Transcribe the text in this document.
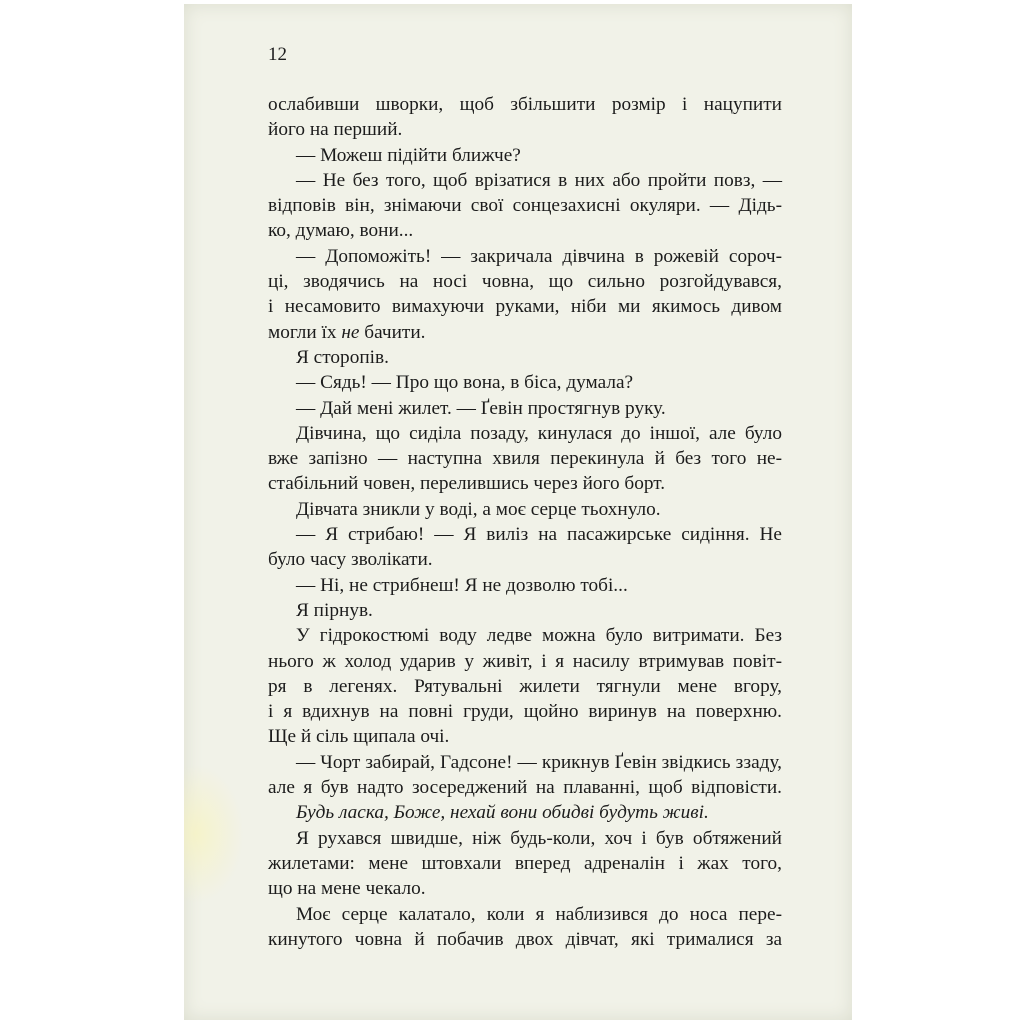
12
ослабивши шворки, щоб збільшити розмір і нацупити
його на перший.
— Можеш підійти ближче?
— Не без того, щоб врізатися в них або пройти повз, —
відповів він, знімаючи свої сонцезахисні окуляри. — Дідь-
ко, думаю, вони...
— Допоможіть! — закричала дівчина в рожевій сороч-
ці, зводячись на носі човна, що сильно розгойдувався,
і несамовито вимахуючи руками, ніби ми якимось дивом
могли їх не бачити.
Я сторопів.
— Сядь! — Про що вона, в біса, думала?
— Дай мені жилет. — Ґевін простягнув руку.
Дівчина, що сиділа позаду, кинулася до іншої, але було
вже запізно — наступна хвиля перекинула й без того не-
стабільний човен, перелившись через його борт.
Дівчата зникли у воді, а моє серце тьохнуло.
— Я стрибаю! — Я виліз на пасажирське сидіння. Не
було часу зволікати.
— Ні, не стрибнеш! Я не дозволю тобі...
Я пірнув.
У гідрокостюмі воду ледве можна було витримати. Без
нього ж холод ударив у живіт, і я насилу втримував повіт-
ря в легенях. Рятувальні жилети тягнули мене вгору,
і я вдихнув на повні груди, щойно виринув на поверхню.
Ще й сіль щипала очі.
— Чорт забирай, Гадсоне! — крикнув Ґевін звідкись ззаду,
але я був надто зосереджений на плаванні, щоб відповісти.
Будь ласка, Боже, нехай вони обидві будуть живі.
Я рухався швидше, ніж будь-коли, хоч і був обтяжений
жилетами: мене штовхали вперед адреналін і жах того,
що на мене чекало.
Моє серце калатало, коли я наблизився до носа пере-
кинутого човна й побачив двох дівчат, які трималися за
